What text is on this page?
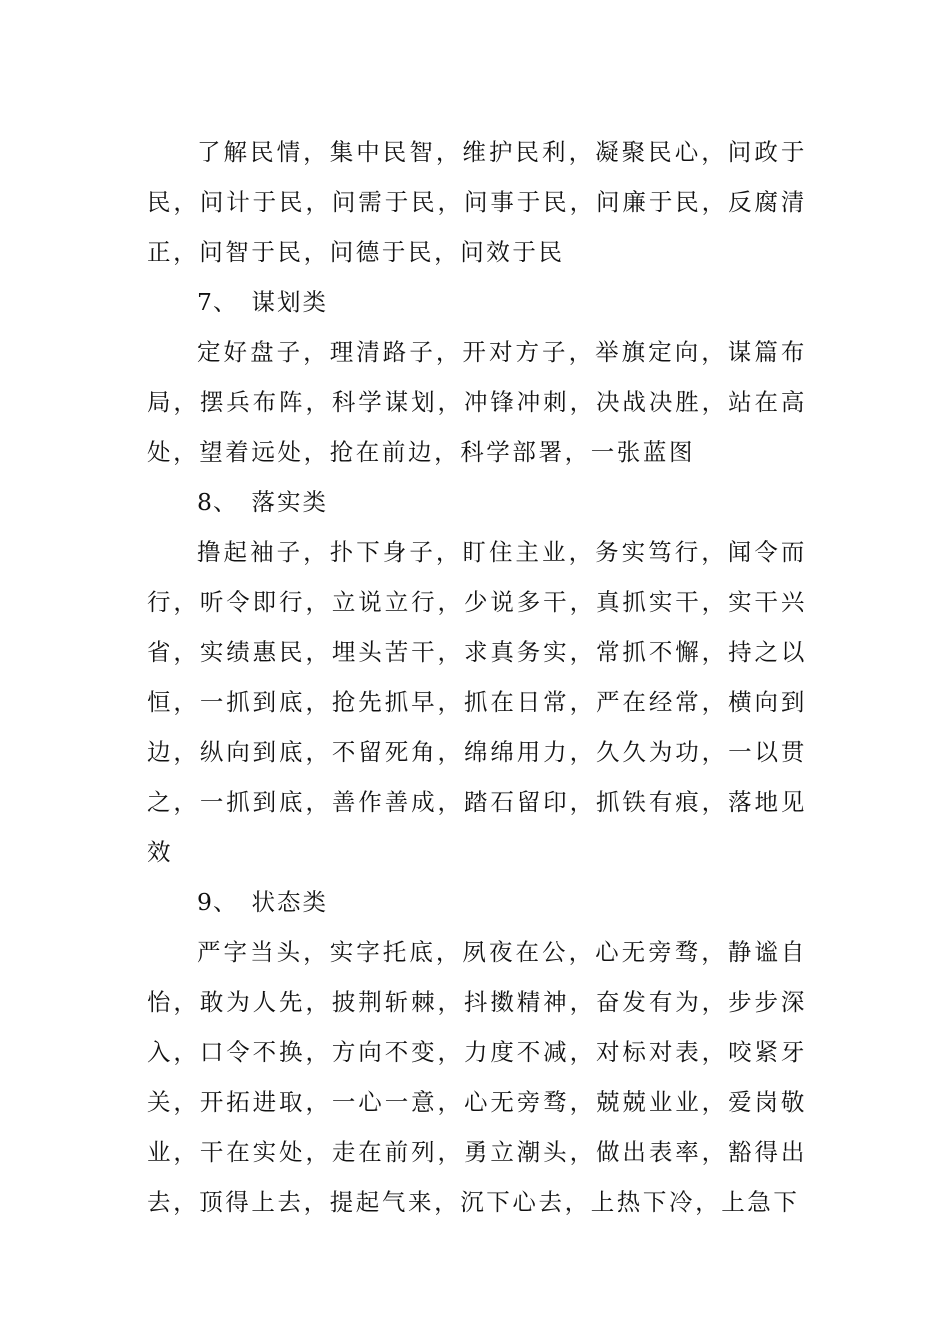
了解民情，集中民智，维护民利，凝聚民心，问政于民，问计于民，问需于民，问事于民，问廉于民，反腐清正，问智于民，问德于民，问效于民

7、 谋划类

定好盘子，理清路子，开对方子，举旗定向，谋篇布局，摆兵布阵，科学谋划，冲锋冲刺，决战决胜，站在高处，望着远处，抢在前边，科学部署，一张蓝图

8、 落实类

撸起袖子，扑下身子，盯住主业，务实笃行，闻令而行，听令即行，立说立行，少说多干，真抓实干，实干兴省，实绩惠民，埋头苦干，求真务实，常抓不懈，持之以恒，一抓到底，抢先抓早，抓在日常，严在经常，横向到边，纵向到底，不留死角，绵绵用力，久久为功，一以贯之，一抓到底，善作善成，踏石留印，抓铁有痕，落地见效

9、 状态类

严字当头，实字托底，夙夜在公，心无旁骛，静谧自怡，敢为人先，披荆斩棘，抖擞精神，奋发有为，步步深入，口令不换，方向不变，力度不减，对标对表，咬紧牙关，开拓进取，一心一意，心无旁骛，兢兢业业，爱岗敬业，干在实处，走在前列，勇立潮头，做出表率，豁得出去，顶得上去，提起气来，沉下心去，上热下冷，上急下
